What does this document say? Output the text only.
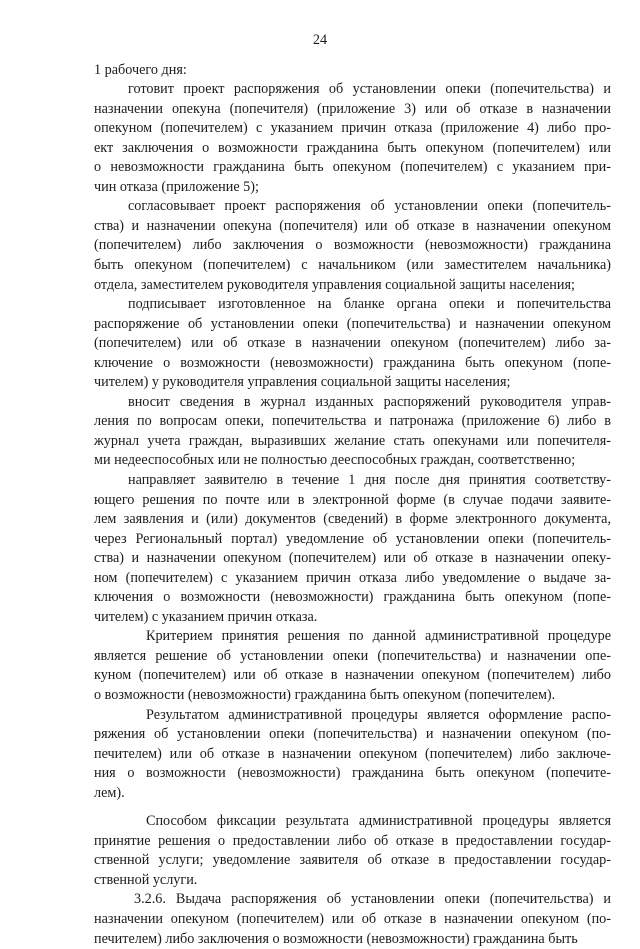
24
1 рабочего дня:
готовит проект распоряжения об установлении опеки (попечительства) и
назначении опекуна (попечителя) (приложение 3) или об отказе в назначении
опекуном (попечителем) с указанием причин отказа (приложение 4) либо про-
ект заключения о возможности гражданина быть опекуном (попечителем) или
о невозможности гражданина быть опекуном (попечителем) с указанием при-
чин отказа (приложение 5);
согласовывает проект распоряжения об установлении опеки (попечитель-
ства) и назначении опекуна (попечителя) или об отказе в назначении опекуном
(попечителем) либо заключения о возможности (невозможности) гражданина
быть опекуном (попечителем) с начальником (или заместителем начальника)
отдела, заместителем руководителя управления социальной защиты населения;
подписывает изготовленное на бланке органа опеки и попечительства
распоряжение об установлении опеки (попечительства) и назначении опекуном
(попечителем) или об отказе в назначении опекуном (попечителем) либо за-
ключение о возможности (невозможности) гражданина быть опекуном (попе-
чителем) у руководителя управления социальной защиты населения;
вносит сведения в журнал изданных распоряжений руководителя управ-
ления по вопросам опеки, попечительства и патронажа (приложение 6) либо в
журнал учета граждан, выразивших желание стать опекунами или попечителя-
ми недееспособных или не полностью дееспособных граждан, соответственно;
направляет заявителю в течение 1 дня после дня принятия соответству-
ющего решения по почте или в электронной форме (в случае подачи заявите-
лем заявления и (или) документов (сведений) в форме электронного документа,
через Региональный портал) уведомление об установлении опеки (попечитель-
ства) и назначении опекуном (попечителем) или об отказе в назначении опеку-
ном (попечителем) с указанием причин отказа либо уведомление о выдаче за-
ключения о возможности (невозможности) гражданина быть опекуном (попе-
чителем) с указанием причин отказа.
Критерием принятия решения по данной административной процедуре
является решение об установлении опеки (попечительства) и назначении опе-
куном (попечителем) или об отказе в назначении опекуном (попечителем) либо
о возможности (невозможности) гражданина быть опекуном (попечителем).
Результатом административной процедуры является оформление распо-
ряжения об установлении опеки (попечительства) и назначении опекуном (по-
печителем) или об отказе в назначении опекуном (попечителем) либо заключе-
ния о возможности (невозможности) гражданина быть опекуном (попечите-
лем).
Способом фиксации результата административной процедуры является
принятие решения о предоставлении либо об отказе в предоставлении государ-
ственной услуги; уведомление заявителя об отказе в предоставлении государ-
ственной услуги.
3.2.6. Выдача распоряжения об установлении опеки (попечительства) и
назначении опекуном (попечителем) или об отказе в назначении опекуном (по-
печителем) либо заключения о возможности (невозможности) гражданина быть
